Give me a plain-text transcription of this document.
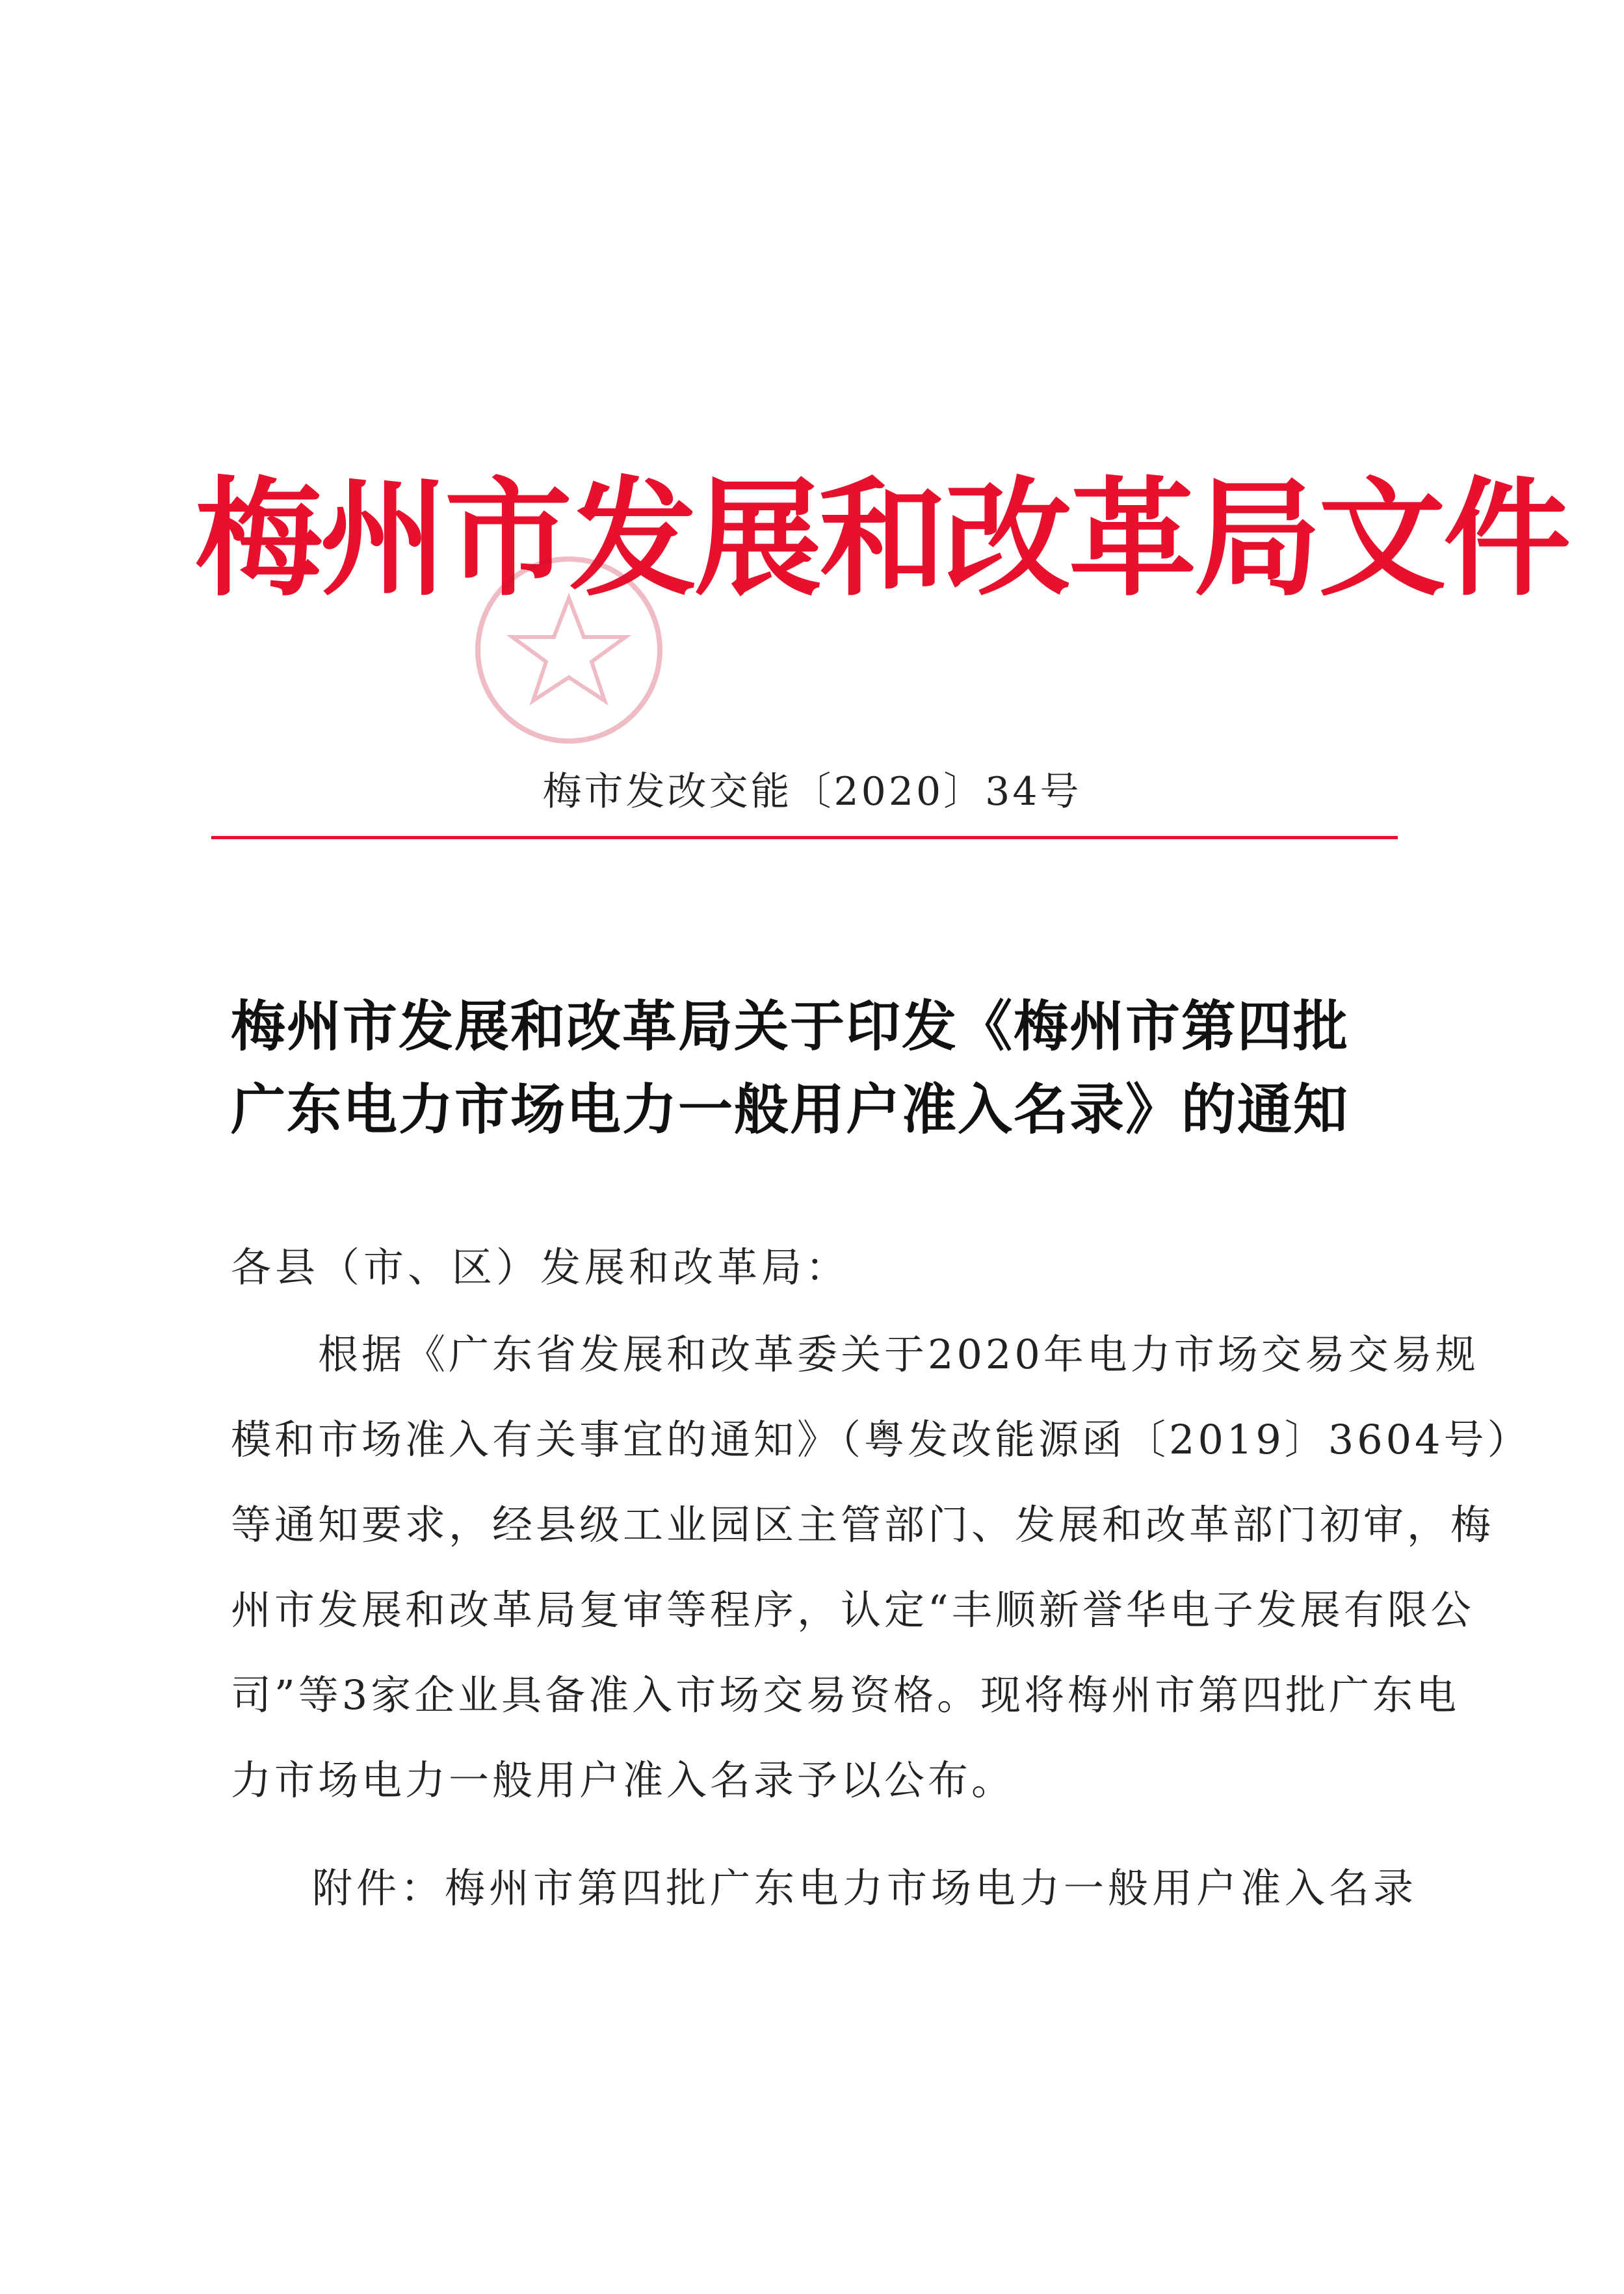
梅州市发展和改革局文件
梅市发改交能〔2020〕34号
梅州市发展和改革局关于印发《梅州市第四批
广东电力市场电力一般用户准入名录》的通知
各县（市、区）发展和改革局：
　　根据《广东省发展和改革委关于2020年电力市场交易交易规
模和市场准入有关事宜的通知》（粤发改能源函〔2019〕3604号）
等通知要求，经县级工业园区主管部门、发展和改革部门初审，梅
州市发展和改革局复审等程序，认定“丰顺新誉华电子发展有限公
司”等3家企业具备准入市场交易资格。现将梅州市第四批广东电
力市场电力一般用户准入名录予以公布。
附件：梅州市第四批广东电力市场电力一般用户准入名录
